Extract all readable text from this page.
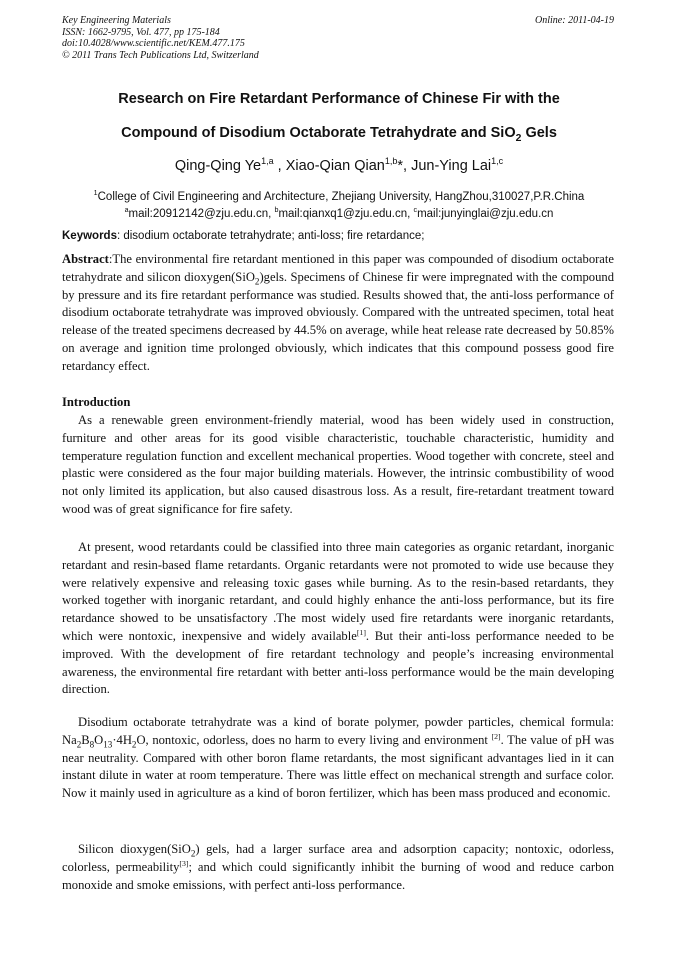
Key Engineering Materials
ISSN: 1662-9795, Vol. 477, pp 175-184
doi:10.4028/www.scientific.net/KEM.477.175
© 2011 Trans Tech Publications Ltd, Switzerland
Online: 2011-04-19
Research on Fire Retardant Performance of Chinese Fir with the
Compound of Disodium Octaborate Tetrahydrate and SiO$_2$ Gels
Qing-Qing Ye$^{1,a}$ , Xiao-Qian Qian$^{1,b}$*, Jun-Ying Lai$^{1,c}$
$^1$College of Civil Engineering and Architecture, Zhejiang University, HangZhou,310027,P.R.China
$^a$mail:20912142@zju.edu.cn, $^b$mail:qianxq1@zju.edu.cn, $^c$mail:junyinglai@zju.edu.cn
Keywords: disodium octaborate tetrahydrate; anti-loss; fire retardance;
Abstract:The environmental fire retardant mentioned in this paper was compounded of disodium octaborate tetrahydrate and silicon dioxygen(SiO$_2$)gels. Specimens of Chinese fir were impregnated with the compound by pressure and its fire retardant performance was studied. Results showed that, the anti-loss performance of disodium octaborate tetrahydrate was improved obviously. Compared with the untreated specimen, total heat release of the treated specimens decreased by 44.5% on average, while heat release rate decreased by 50.85% on average and ignition time prolonged obviously, which indicates that this compound possess good fire retardancy effect.
Introduction
As a renewable green environment-friendly material, wood has been widely used in construction, furniture and other areas for its good visible characteristic, touchable characteristic, humidity and temperature regulation function and excellent mechanical properties. Wood together with concrete, steel and plastic were considered as the four major building materials. However, the intrinsic combustibility of wood not only limited its application, but also caused disastrous loss. As a result, fire-retardant treatment toward wood was of great significance for fire safety.
At present, wood retardants could be classified into three main categories as organic retardant, inorganic retardant and resin-based flame retardants. Organic retardants were not promoted to wide use because they were relatively expensive and releasing toxic gases while burning. As to the resin-based retardants, they worked together with inorganic retardant, and could highly enhance the anti-loss performance, but its fire retardance showed to be unsatisfactory .The most widely used fire retardants were inorganic retardants, which were nontoxic, inexpensive and widely available[1]. But their anti-loss performance needed to be improved. With the development of fire retardant technology and people’s increasing environmental awareness, the environmental fire retardant with better anti-loss performance would be the main developing direction.
Disodium octaborate tetrahydrate was a kind of borate polymer, powder particles, chemical formula: $Na_2B_8O_{13}\cdot 4H_2O$, nontoxic, odorless, does no harm to every living and environment [2]. The value of pH was near neutrality. Compared with other boron flame retardants, the most significant advantages lied in it can instant dilute in water at room temperature. There was little effect on mechanical strength and surface color. Now it mainly used in agriculture as a kind of boron fertilizer, which has been mass produced and economic.
Silicon dioxygen(SiO$_2$) gels, had a larger surface area and adsorption capacity; nontoxic, odorless, colorless, permeability[3]; and which could significantly inhibit the burning of wood and reduce carbon monoxide and smoke emissions, with perfect anti-loss performance.
